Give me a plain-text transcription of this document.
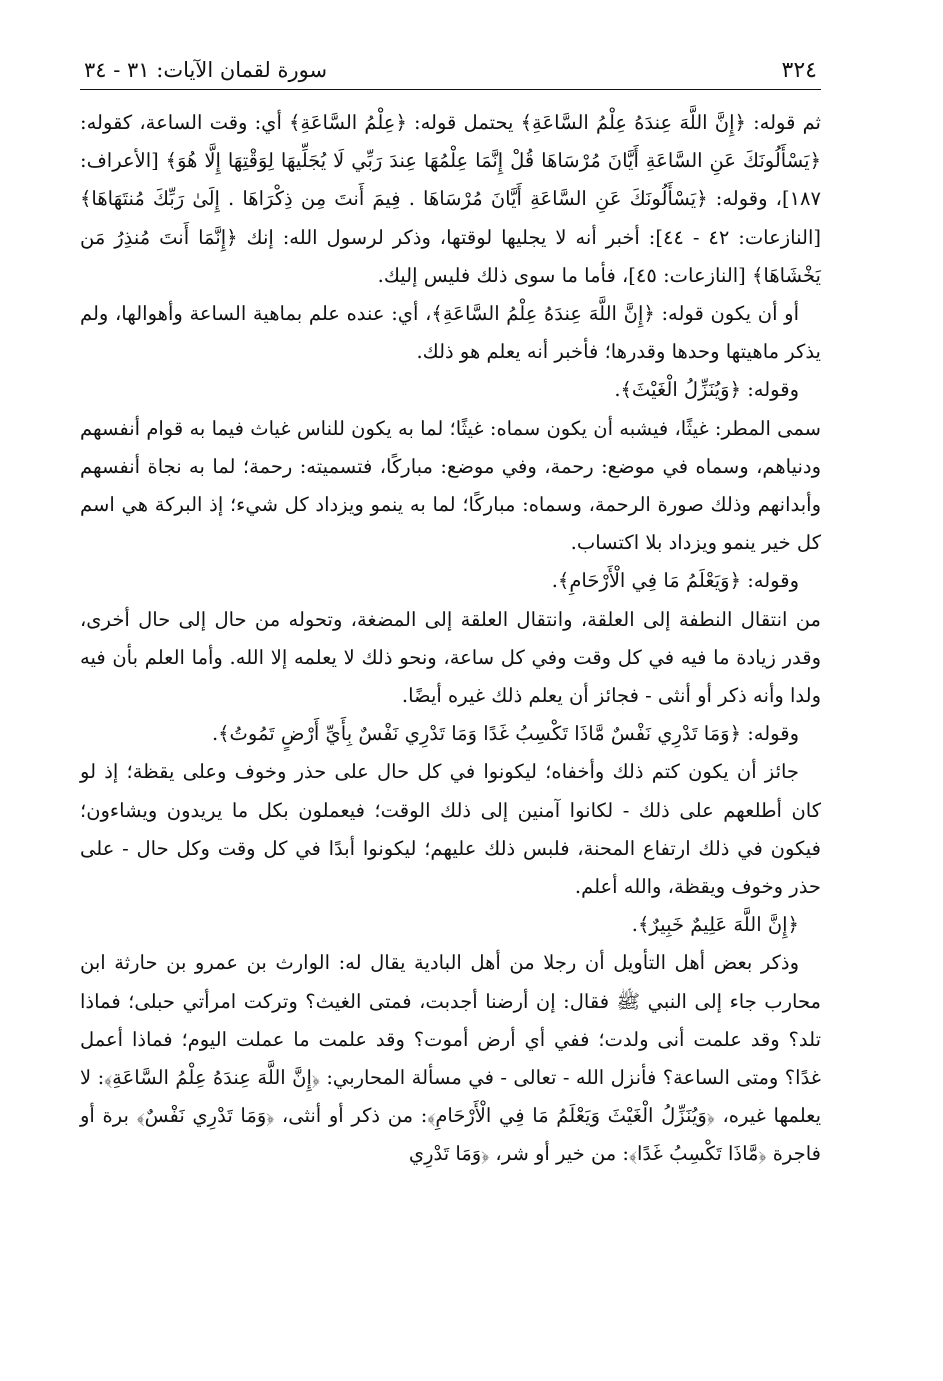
٣٢٤
سورة لقمان الآيات: ٣١ - ٣٤

ثم قوله: ﴿إِنَّ اللَّهَ عِندَهُ عِلْمُ السَّاعَةِ﴾ يحتمل قوله: ﴿عِلْمُ السَّاعَةِ﴾ أي: وقت الساعة، كقوله: ﴿يَسْأَلُونَكَ عَنِ السَّاعَةِ أَيَّانَ مُرْسَاهَا قُلْ إِنَّمَا عِلْمُهَا عِندَ رَبِّي لَا يُجَلِّيهَا لِوَقْتِهَا إِلَّا هُوَ﴾ [الأعراف: ١٨٧]، وقوله: ﴿يَسْأَلُونَكَ عَنِ السَّاعَةِ أَيَّانَ مُرْسَاهَا . فِيمَ أَنتَ مِن ذِكْرَاهَا . إِلَىٰ رَبِّكَ مُنتَهَاهَا﴾ [النازعات: ٤٢ - ٤٤]: أخبر أنه لا يجليها لوقتها، وذكر لرسول الله: إنك ﴿إِنَّمَا أَنتَ مُنذِرُ مَن يَخْشَاهَا﴾ [النازعات: ٤٥]، فأما ما سوى ذلك فليس إليك.

أو أن يكون قوله: ﴿إِنَّ اللَّهَ عِندَهُ عِلْمُ السَّاعَةِ﴾، أي: عنده علم بماهية الساعة وأهوالها، ولم يذكر ماهيتها وحدها وقدرها؛ فأخبر أنه يعلم هو ذلك.

وقوله: ﴿وَيُنَزِّلُ الْغَيْثَ﴾.

سمى المطر: غيثًا، فيشبه أن يكون سماه: غيثًا؛ لما به يكون للناس غياث فيما به قوام أنفسهم ودنياهم، وسماه في موضع: رحمة، وفي موضع: مباركًا، فتسميته: رحمة؛ لما به نجاة أنفسهم وأبدانهم وذلك صورة الرحمة، وسماه: مباركًا؛ لما به ينمو ويزداد كل شيء؛ إذ البركة هي اسم كل خير ينمو ويزداد بلا اكتساب.

وقوله: ﴿وَيَعْلَمُ مَا فِي الْأَرْحَامِ﴾.

من انتقال النطفة إلى العلقة، وانتقال العلقة إلى المضغة، وتحوله من حال إلى حال أخرى، وقدر زيادة ما فيه في كل وقت وفي كل ساعة، ونحو ذلك لا يعلمه إلا الله. وأما العلم بأن فيه ولدا وأنه ذكر أو أنثى - فجائز أن يعلم ذلك غيره أيضًا.

وقوله: ﴿وَمَا تَدْرِي نَفْسٌ مَّاذَا تَكْسِبُ غَدًا وَمَا تَدْرِي نَفْسٌ بِأَيِّ أَرْضٍ تَمُوتُ﴾.

جائز أن يكون كتم ذلك وأخفاه؛ ليكونوا في كل حال على حذر وخوف وعلى يقظة؛ إذ لو كان أطلعهم على ذلك - لكانوا آمنين إلى ذلك الوقت؛ فيعملون بكل ما يريدون ويشاءون؛ فيكون في ذلك ارتفاع المحنة، فلبس ذلك عليهم؛ ليكونوا أبدًا في كل وقت وكل حال - على حذر وخوف ويقظة، والله أعلم.

﴿إِنَّ اللَّهَ عَلِيمٌ خَبِيرٌ﴾.

وذكر بعض أهل التأويل أن رجلا من أهل البادية يقال له: الوارث بن عمرو بن حارثة ابن محارب جاء إلى النبي ﷺ فقال: إن أرضنا أجدبت، فمتى الغيث؟ وتركت امرأتي حبلى؛ فماذا تلد؟ وقد علمت أنى ولدت؛ ففي أي أرض أموت؟ وقد علمت ما عملت اليوم؛ فماذا أعمل غدًا؟ ومتى الساعة؟ فأنزل الله - تعالى - في مسألة المحاربي: ﴿إِنَّ اللَّهَ عِندَهُ عِلْمُ السَّاعَةِ﴾: لا يعلمها غيره، ﴿وَيُنَزِّلُ الْغَيْثَ وَيَعْلَمُ مَا فِي الْأَرْحَامِ﴾: من ذكر أو أنثى، ﴿وَمَا تَدْرِي نَفْسٌ﴾ برة أو فاجرة ﴿مَّاذَا تَكْسِبُ غَدًا﴾: من خير أو شر، ﴿وَمَا تَدْرِي
